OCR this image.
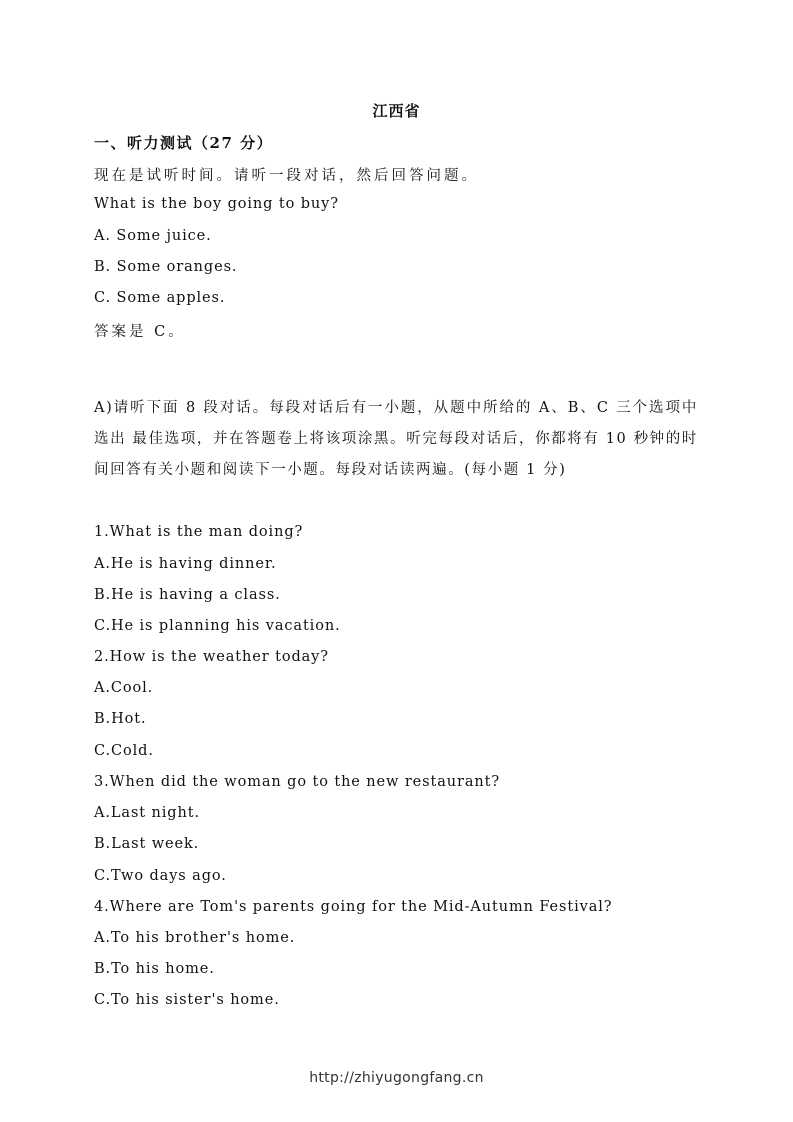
江西省
一、听力测试（27 分）
现在是试听时间。请听一段对话，然后回答问题。
What is the boy going to buy?
A. Some juice.
B. Some oranges.
C. Some apples.
答案是 C。
A)请听下面 8 段对话。每段对话后有一小题，从题中所给的 A、B、C 三个选项中选出 最佳选项，并在答题卷上将该项涂黑。听完每段对话后，你都将有 10 秒钟的时间回答有关小题和阅读下一小题。每段对话读两遍。(每小题 1 分)
1.What is the man doing?
A.He is having dinner.
B.He is having a class.
C.He is planning his vacation.
2.How is the weather today?
A.Cool.
B.Hot.
C.Cold.
3.When did the woman go to the new restaurant?
A.Last night.
B.Last week.
C.Two days ago.
4.Where are Tom's parents going for the Mid-Autumn Festival?
A.To his brother's home.
B.To his home.
C.To his sister's home.
http://zhiyugongfang.cn
